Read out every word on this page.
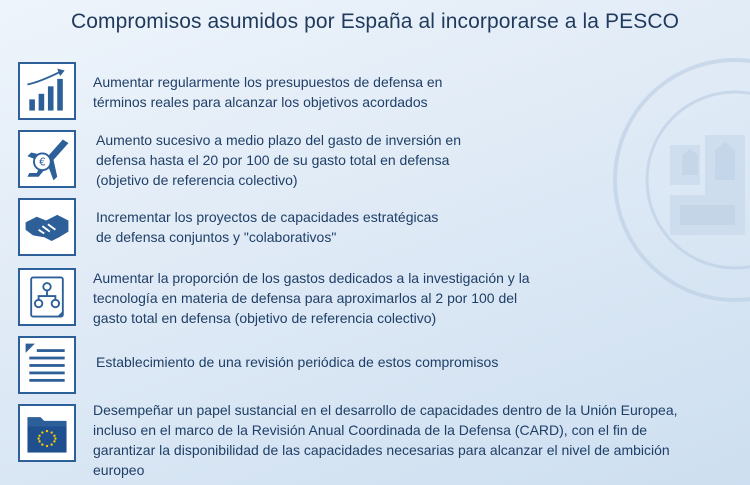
Compromisos asumidos por España al incorporarse a la PESCO
Aumentar regularmente los presupuestos de defensa en
términos reales para alcanzar los objetivos acordados
€
Aumento sucesivo a medio plazo del gasto de inversión en
defensa hasta el 20 por 100 de su gasto total en defensa
(objetivo de referencia colectivo)
Incrementar los proyectos de capacidades estratégicas
de defensa conjuntos y "colaborativos"
Aumentar la proporción de los gastos dedicados a la investigación y la
tecnología en materia de defensa para aproximarlos al 2 por 100 del
gasto total en defensa (objetivo de referencia colectivo)
Establecimiento de una revisión periódica de estos compromisos
Desempeñar un papel sustancial en el desarrollo de capacidades dentro de la Unión Europea,
incluso en el marco de la Revisión Anual Coordinada de la Defensa (CARD), con el fin de
garantizar la disponibilidad de las capacidades necesarias para alcanzar el nivel de ambición
europeo
